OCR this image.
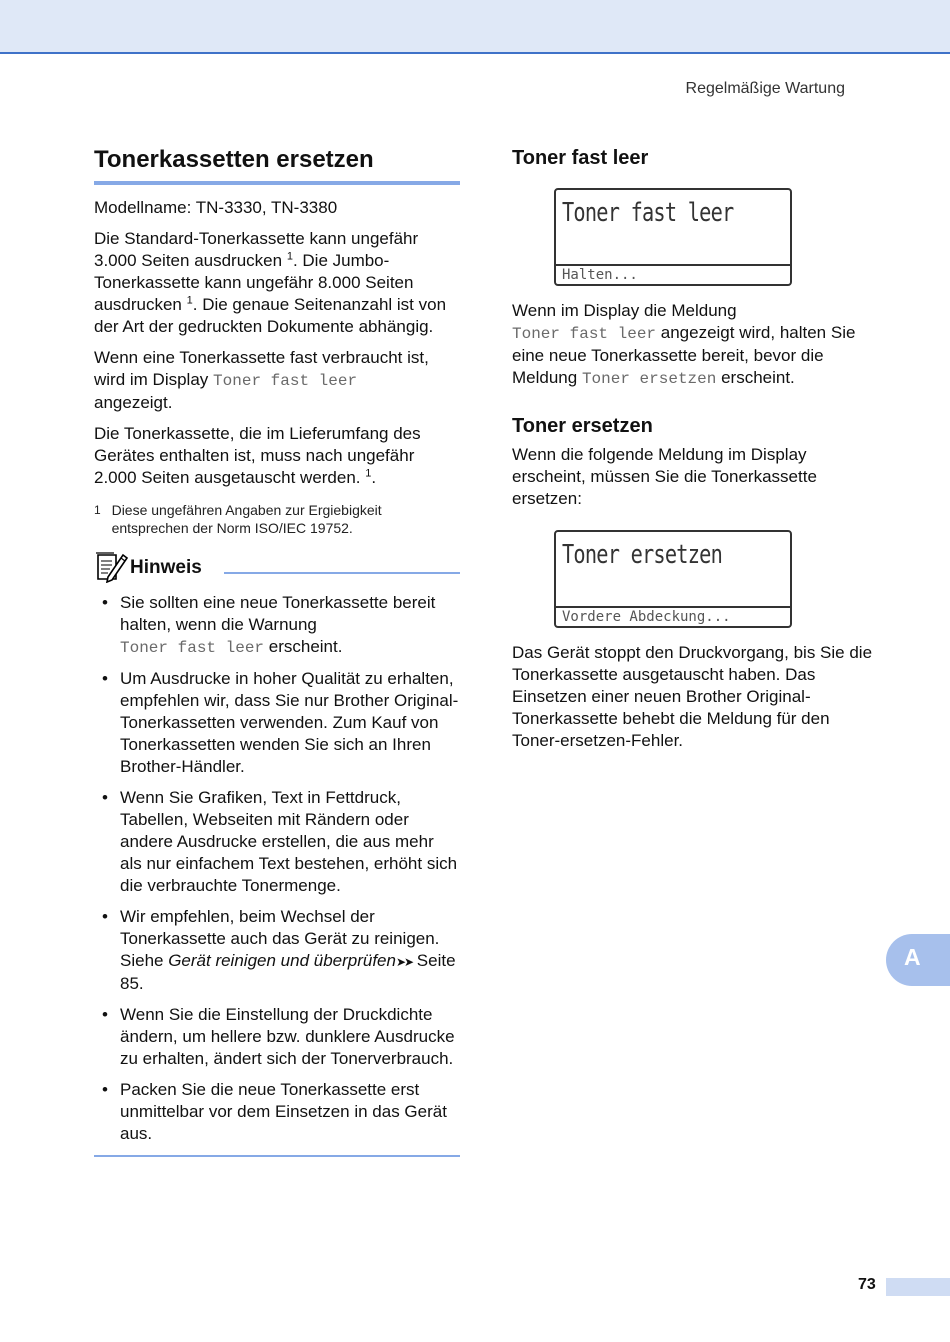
Regelmäßige Wartung
Tonerkassetten ersetzen

Modellname: TN-3330, TN-3380

Die Standard-Tonerkassette kann ungefähr 3.000 Seiten ausdrucken $^1$. Die Jumbo-Tonerkassette kann ungefähr 8.000 Seiten ausdrucken $^1$. Die genaue Seitenanzahl ist von der Art der gedruckten Dokumente abhängig.

Wenn eine Tonerkassette fast verbraucht ist, wird im Display Toner fast leer
angezeigt.

Die Tonerkassette, die im Lieferumfang des Gerätes enthalten ist, muss nach ungefähr 2.000 Seiten ausgetauscht werden. $^1$.

1 Diese ungefähren Angaben zur Ergiebigkeit entsprechen der Norm ISO/IEC 19752.
Hinweis
• Sie sollten eine neue Tonerkassette bereit halten, wenn die Warnung
Toner fast leer erscheint.
• Um Ausdrucke in hoher Qualität zu erhalten, empfehlen wir, dass Sie nur Brother Original-Tonerkassetten verwenden. Zum Kauf von Tonerkassetten wenden Sie sich an Ihren Brother-Händler.
• Wenn Sie Grafiken, Text in Fettdruck, Tabellen, Webseiten mit Rändern oder andere Ausdrucke erstellen, die aus mehr als nur einfachem Text bestehen, erhöht sich die verbrauchte Tonermenge.
• Wir empfehlen, beim Wechsel der Tonerkassette auch das Gerät zu reinigen. Siehe Gerät reinigen und überprüfen➤➤ Seite 85.
• Wenn Sie die Einstellung der Druckdichte ändern, um hellere bzw. dunklere Ausdrucke zu erhalten, ändert sich der Tonerverbrauch.
• Packen Sie die neue Tonerkassette erst unmittelbar vor dem Einsetzen in das Gerät aus.
Toner fast leer
Toner fast leer
Halten...

Wenn im Display die Meldung
Toner fast leer angezeigt wird, halten Sie eine neue Tonerkassette bereit, bevor die Meldung Toner ersetzen erscheint.

Toner ersetzen

Wenn die folgende Meldung im Display erscheint, müssen Sie die Tonerkassette ersetzen:

Toner ersetzen
Vordere Abdeckung...

Das Gerät stoppt den Druckvorgang, bis Sie die Tonerkassette ausgetauscht haben. Das Einsetzen einer neuen Brother Original-Tonerkassette behebt die Meldung für den Toner-ersetzen-Fehler.

A
73
